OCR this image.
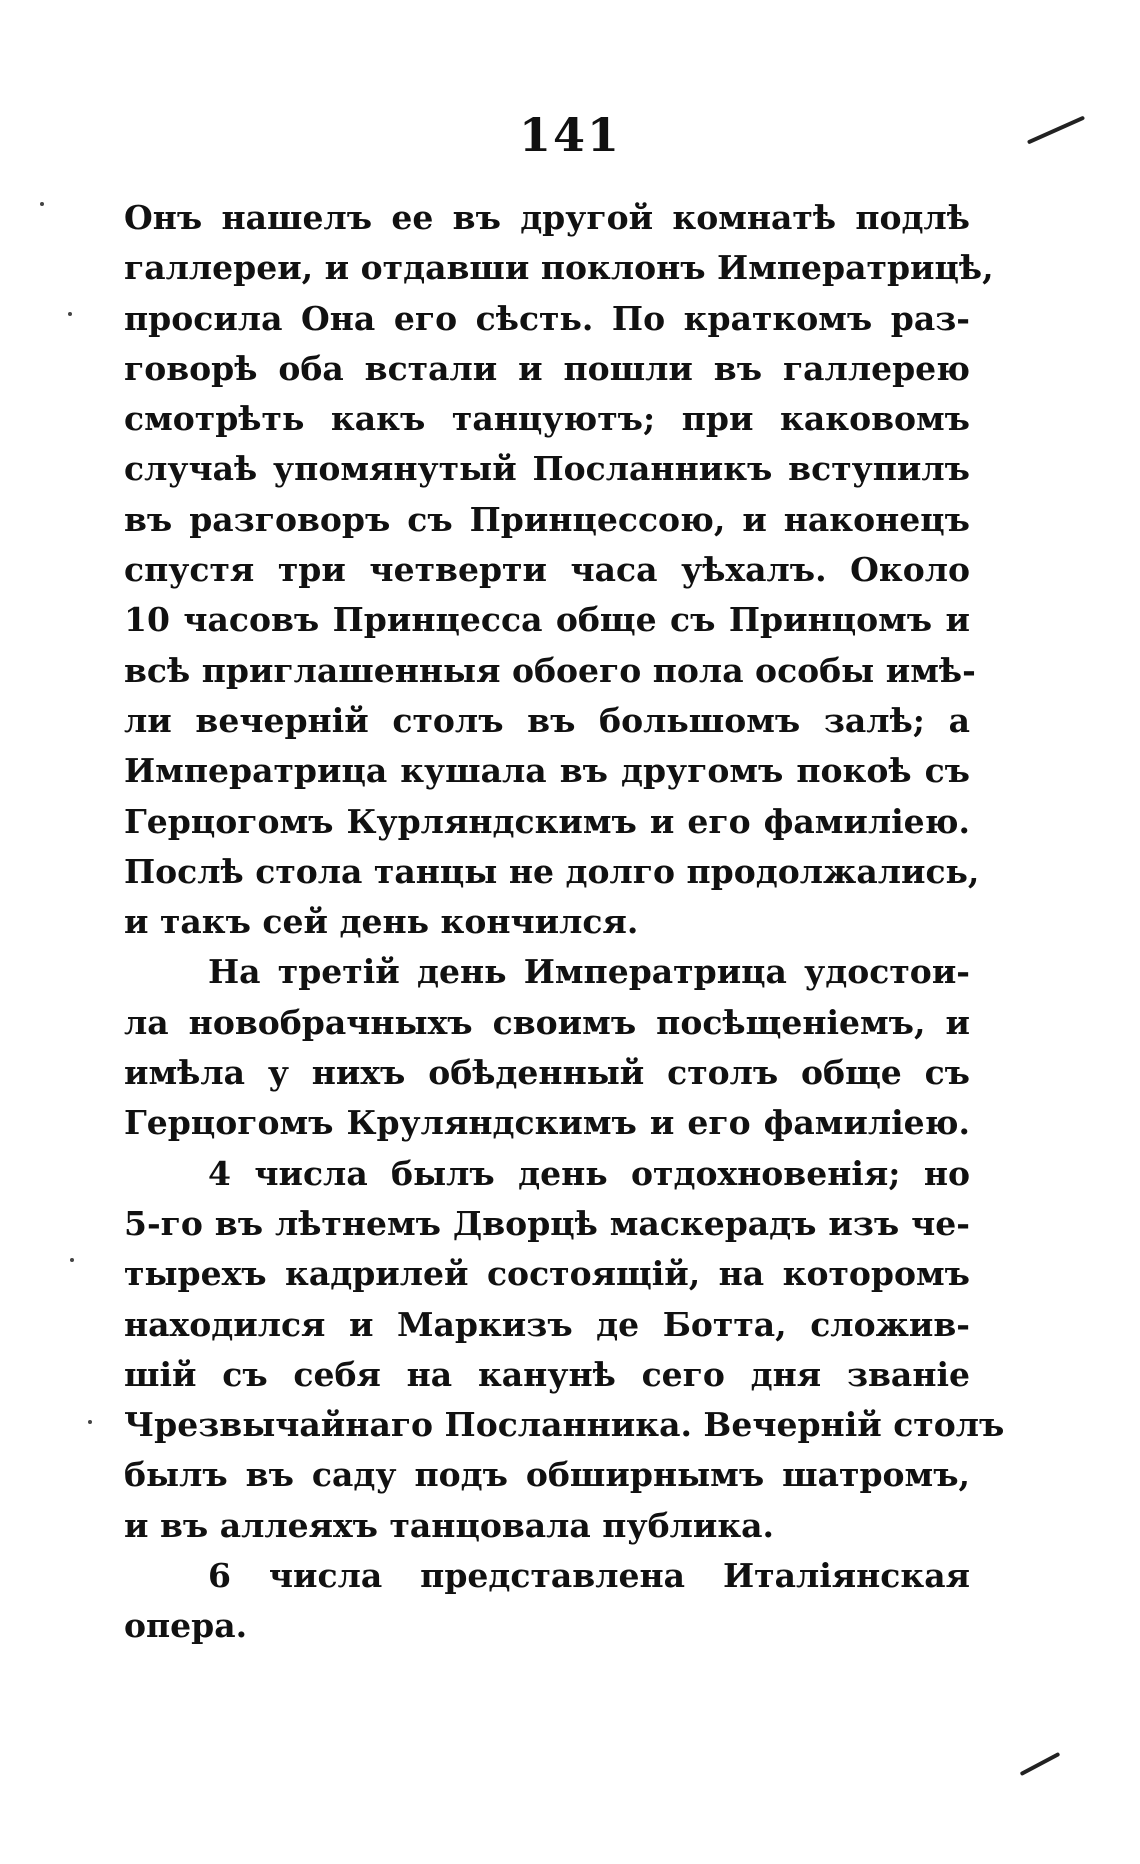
141
Онъ нашелъ ее въ другой комнатѣ подлѣ
галлереи, и отдавши поклонъ Императрицѣ,
просила Она его сѣсть. По краткомъ раз-
говорѣ оба встали и пошли въ галлерею
смотрѣть какъ танцуютъ; при каковомъ
случаѣ упомянутый Посланникъ вступилъ
въ разговоръ съ Принцессою, и наконецъ
спустя три четверти часа уѣхалъ. Около
10 часовъ Принцесса обще съ Принцомъ и
всѣ приглашенныя обоего пола особы имѣ-
ли вечерній столъ въ большомъ залѣ; а
Императрица кушала въ другомъ покоѣ съ
Герцогомъ Курляндскимъ и его фамиліею.
Послѣ стола танцы не долго продолжались,
и такъ сей день кончился.
На третій день Императрица удостои-
ла новобрачныхъ своимъ посѣщеніемъ, и
имѣла у нихъ обѣденный столъ обще съ
Герцогомъ Круляндскимъ и его фамиліею.
4 числа былъ день отдохновенія; но
5-го въ лѣтнемъ Дворцѣ маскерадъ изъ че-
тырехъ кадрилей состоящій, на которомъ
находился и Маркизъ де Ботта, сложив-
шій съ себя на канунѣ сего дня званіе
Чрезвычайнаго Посланника. Вечерній столъ
былъ въ саду подъ обширнымъ шатромъ,
и въ аллеяхъ танцовала публика.
6 числа представлена Италіянская
опера.
